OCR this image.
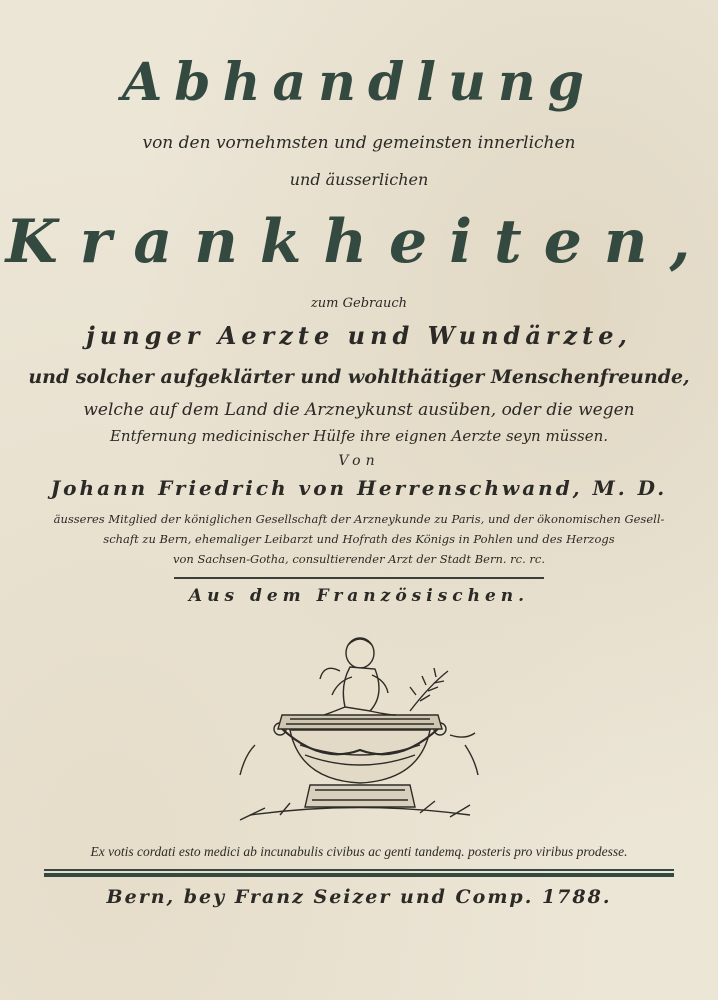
Abhandlung
von den vornehmsten und gemeinsten innerlichen
und äusserlichen
Krankheiten,
zum Gebrauch
junger Aerzte und Wundärzte,
und solcher aufgeklärter und wohlthätiger Menschenfreunde,
welche auf dem Land die Arzneykunst ausüben, oder die wegen
Entfernung medicinischer Hülfe ihre eignen Aerzte seyn müssen.
Von
Johann Friedrich von Herrenschwand, M. D.
äusseres Mitglied der königlichen Gesellschaft der Arzneykunde zu Paris, und der ökonomischen Gesell-
schaft zu Bern, ehemaliger Leibarzt und Hofrath des Königs in Pohlen und des Herzogs
von Sachsen-Gotha, consultierender Arzt der Stadt Bern. rc. rc.
Aus dem Französischen.
Ex votis cordati esto medici ab incunabulis civibus ac genti tandemq. posteris pro viribus prodesse.
Bern, bey Franz Seizer und Comp. 1788.
